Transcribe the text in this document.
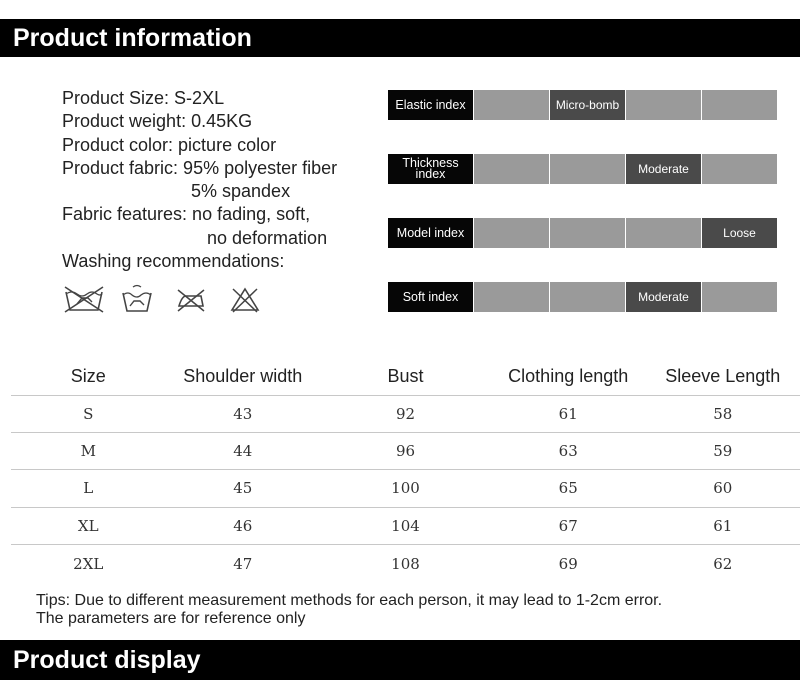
Product information
Product Size: S-2XL
Product weight: 0.45KG
Product color: picture color
Product fabric: 95% polyester fiber
5% spandex
Fabric features: no fading, soft,
no deformation
Washing recommendations:
Elastic index	Micro-bomb
Thickness index	Moderate
Model index	Loose
Soft index	Moderate
Size	Shoulder width	Bust	Clothing length	Sleeve Length
S	43	92	61	58
M	44	96	63	59
L	45	100	65	60
XL	46	104	67	61
2XL	47	108	69	62
Tips: Due to different measurement methods for each person, it may lead to 1-2cm error.
The parameters are for reference only
Product display
